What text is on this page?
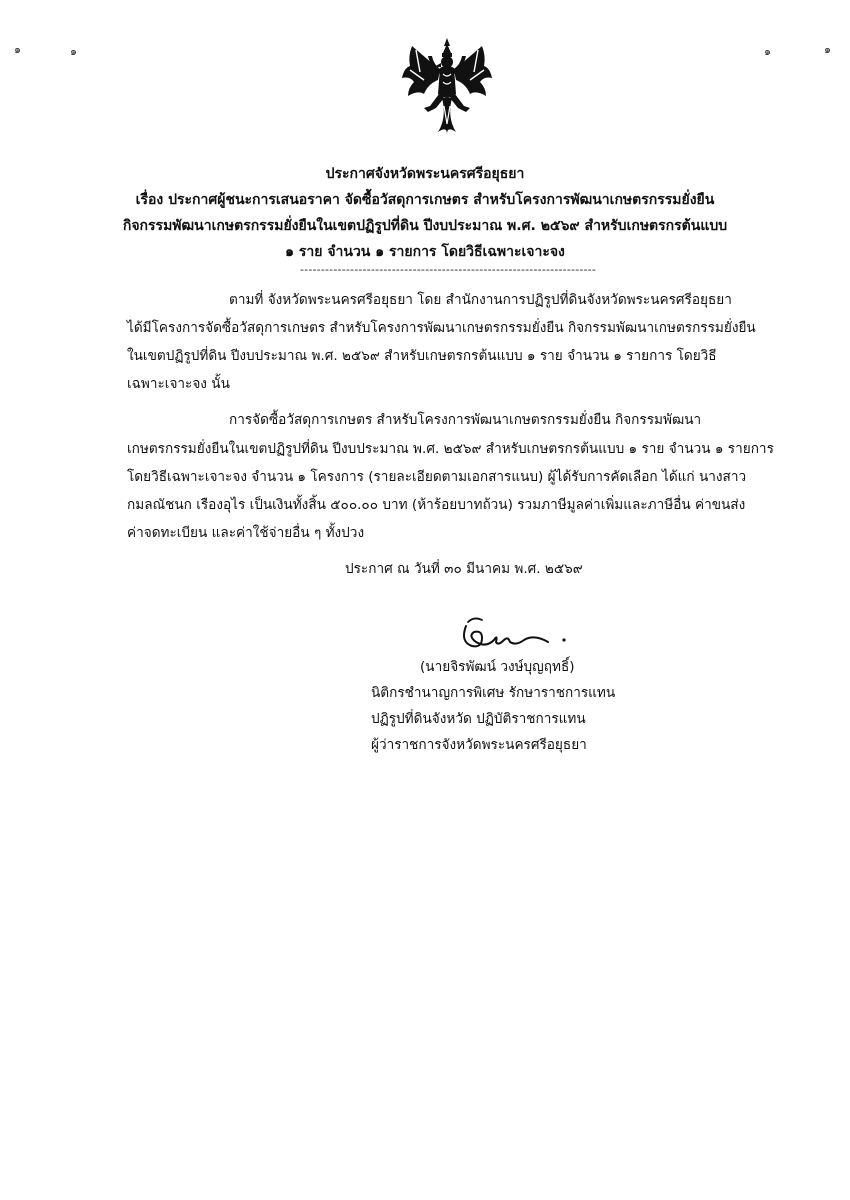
๑	๑	๑	๑
ประกาศจังหวัดพระนครศรีอยุธยา
เรื่อง ประกาศผู้ชนะการเสนอราคา จัดซื้อวัสดุการเกษตร สำหรับโครงการพัฒนาเกษตรกรรมยั่งยืน
กิจกรรมพัฒนาเกษตรกรรมยั่งยืนในเขตปฏิรูปที่ดิน ปีงบประมาณ พ.ศ. ๒๕๖๙ สำหรับเกษตรกรต้นแบบ
๑ ราย จำนวน ๑ รายการ โดยวิธีเฉพาะเจาะจง
-----------------------------------------------------------------------
ตามที่ จังหวัดพระนครศรีอยุธยา โดย สำนักงานการปฏิรูปที่ดินจังหวัดพระนครศรีอยุธยา
ได้มีโครงการจัดซื้อวัสดุการเกษตร สำหรับโครงการพัฒนาเกษตรกรรมยั่งยืน กิจกรรมพัฒนาเกษตรกรรมยั่งยืน
ในเขตปฏิรูปที่ดิน ปีงบประมาณ พ.ศ. ๒๕๖๙ สำหรับเกษตรกรต้นแบบ ๑ ราย จำนวน ๑ รายการ โดยวิธี
เฉพาะเจาะจง นั้น
การจัดซื้อวัสดุการเกษตร สำหรับโครงการพัฒนาเกษตรกรรมยั่งยืน กิจกรรมพัฒนา
เกษตรกรรมยั่งยืนในเขตปฏิรูปที่ดิน ปีงบประมาณ พ.ศ. ๒๕๖๙ สำหรับเกษตรกรต้นแบบ ๑ ราย จำนวน ๑ รายการ
โดยวิธีเฉพาะเจาะจง จำนวน ๑ โครงการ (รายละเอียดตามเอกสารแนบ) ผู้ได้รับการคัดเลือก ได้แก่ นางสาว
กมลณัชนก เรืองอุไร เป็นเงินทั้งสิ้น ๕๐๐.๐๐ บาท (ห้าร้อยบาทถ้วน) รวมภาษีมูลค่าเพิ่มและภาษีอื่น ค่าขนส่ง
ค่าจดทะเบียน และค่าใช้จ่ายอื่น ๆ ทั้งปวง
ประกาศ ณ วันที่ ๓๐ มีนาคม พ.ศ. ๒๕๖๙
(นายจิรพัฒน์ วงษ์บุญฤทธิ์)
นิติกรชำนาญการพิเศษ รักษาราชการแทน
ปฏิรูปที่ดินจังหวัด ปฏิบัติราชการแทน
ผู้ว่าราชการจังหวัดพระนครศรีอยุธยา
